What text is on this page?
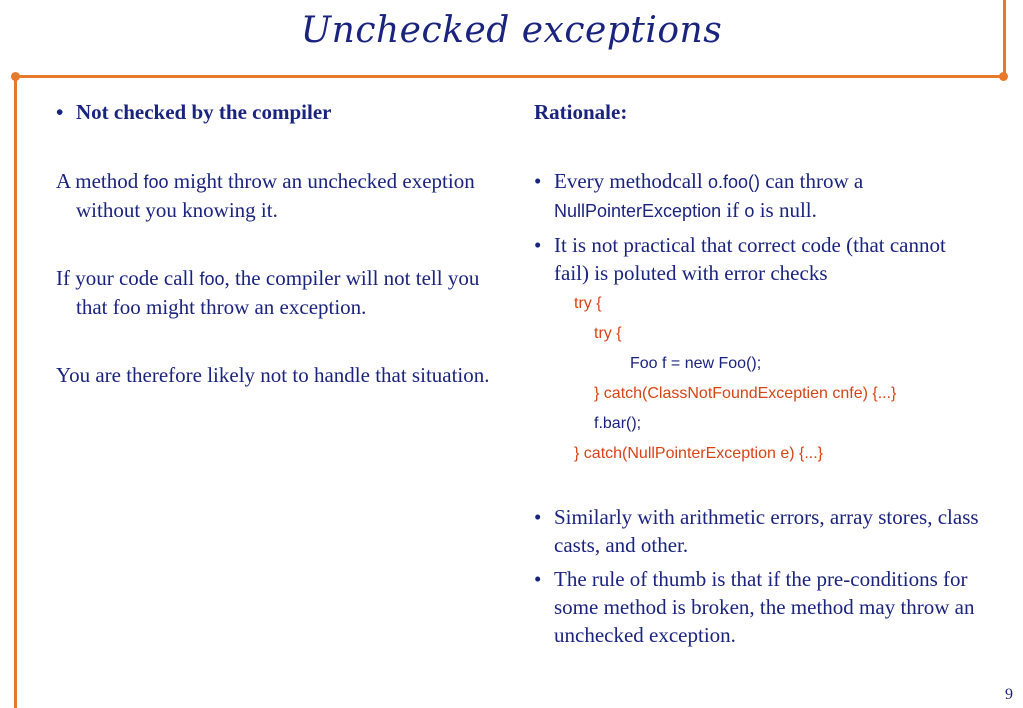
Unchecked exceptions

• Not checked by the compiler

A method foo might throw an unchecked exeption without you knowing it.

If your code call foo, the compiler will not tell you that foo might throw an exception.

You are therefore likely not to handle that situation.

Rationale:

• Every methodcall o.foo() can throw a NullPointerException if o is null.

• It is not practical that correct code (that cannot fail) is poluted with error checks

try {
try {
Foo f = new Foo();
} catch(ClassNotFoundExceptien cnfe) {...}
f.bar();
} catch(NullPointerException e) {...}

• Similarly with arithmetic errors, array stores, class casts, and other.

• The rule of thumb is that if the pre-conditions for some method is broken, the method may throw an unchecked exception.

9
